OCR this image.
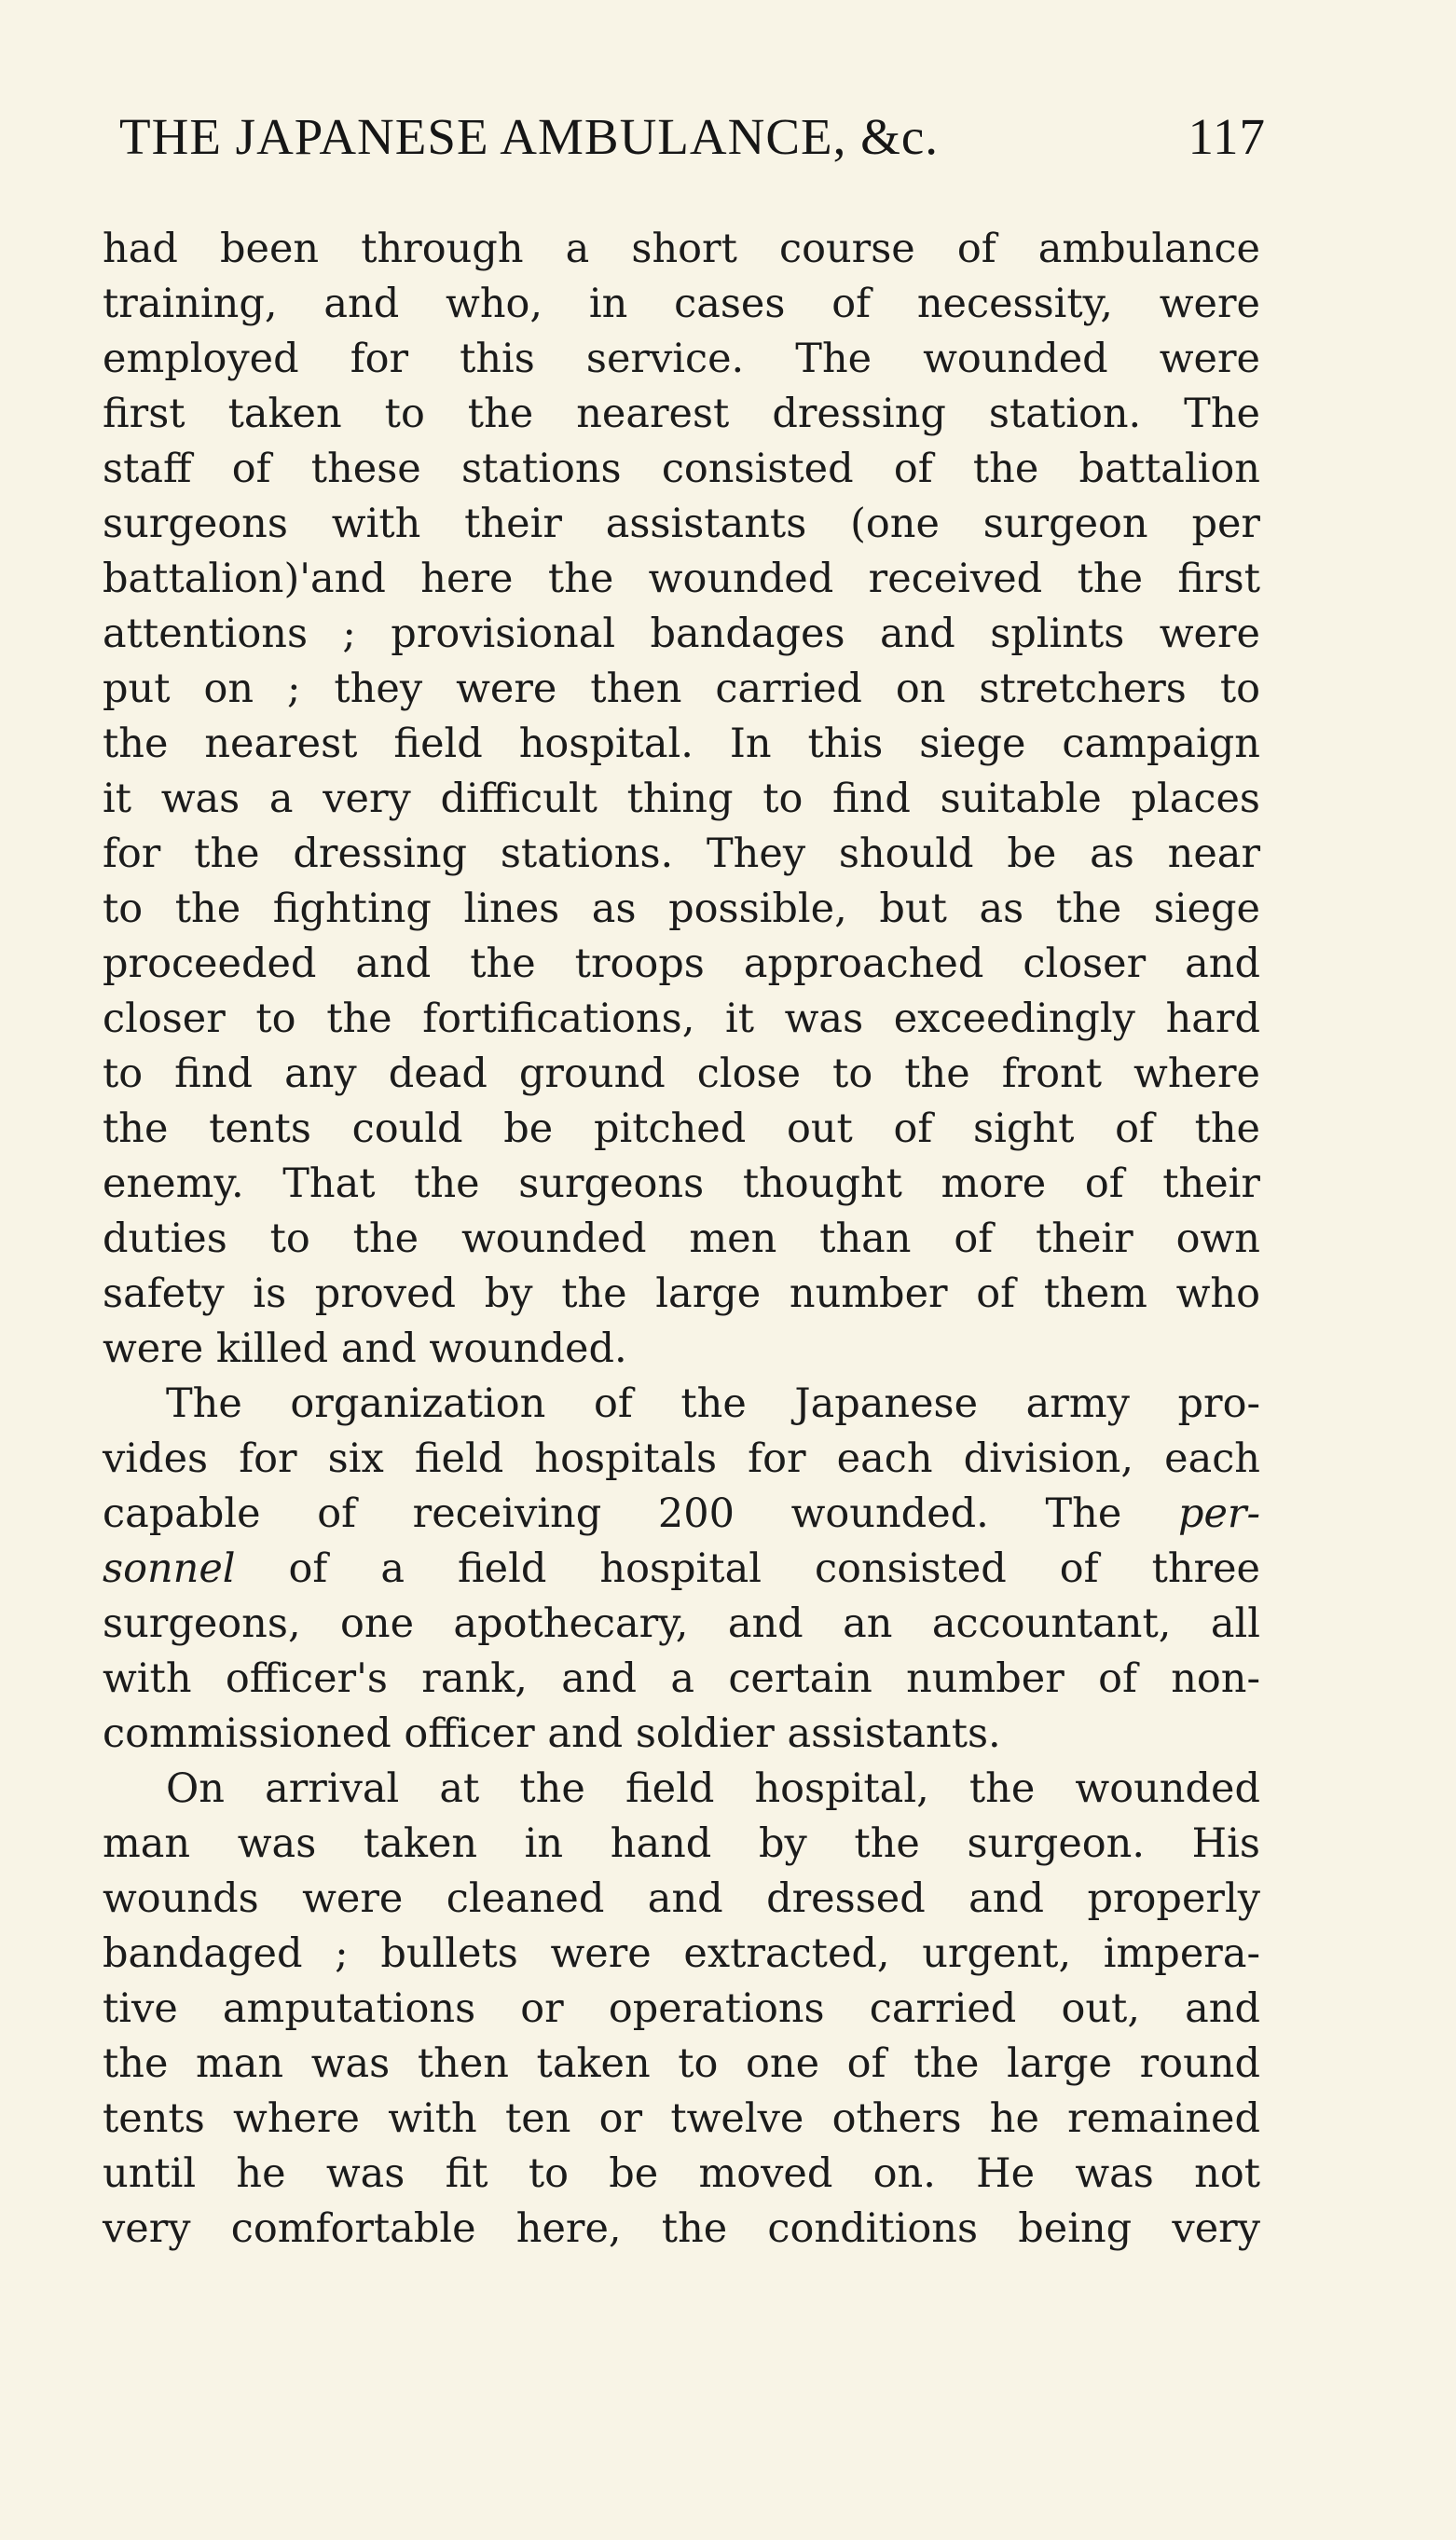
THE JAPANESE AMBULANCE, &c.	117
had been through a short course of ambulance
training, and who, in cases of necessity, were
employed for this service. The wounded were
first taken to the nearest dressing station. The
staff of these stations consisted of the battalion
surgeons with their assistants (one surgeon per
battalion)'and here the wounded received the first
attentions ; provisional bandages and splints were
put on ; they were then carried on stretchers to
the nearest field hospital. In this siege campaign
it was a very difficult thing to find suitable places
for the dressing stations. They should be as near
to the fighting lines as possible, but as the siege
proceeded and the troops approached closer and
closer to the fortifications, it was exceedingly hard
to find any dead ground close to the front where
the tents could be pitched out of sight of the
enemy. That the surgeons thought more of their
duties to the wounded men than of their own
safety is proved by the large number of them who
were killed and wounded.
The organization of the Japanese army pro-
vides for six field hospitals for each division, each
capable of receiving 200 wounded. The per-
sonnel of a field hospital consisted of three
surgeons, one apothecary, and an accountant, all
with officer's rank, and a certain number of non-
commissioned officer and soldier assistants.
On arrival at the field hospital, the wounded
man was taken in hand by the surgeon. His
wounds were cleaned and dressed and properly
bandaged ; bullets were extracted, urgent, impera-
tive amputations or operations carried out, and
the man was then taken to one of the large round
tents where with ten or twelve others he remained
until he was fit to be moved on. He was not
very comfortable here, the conditions being very
